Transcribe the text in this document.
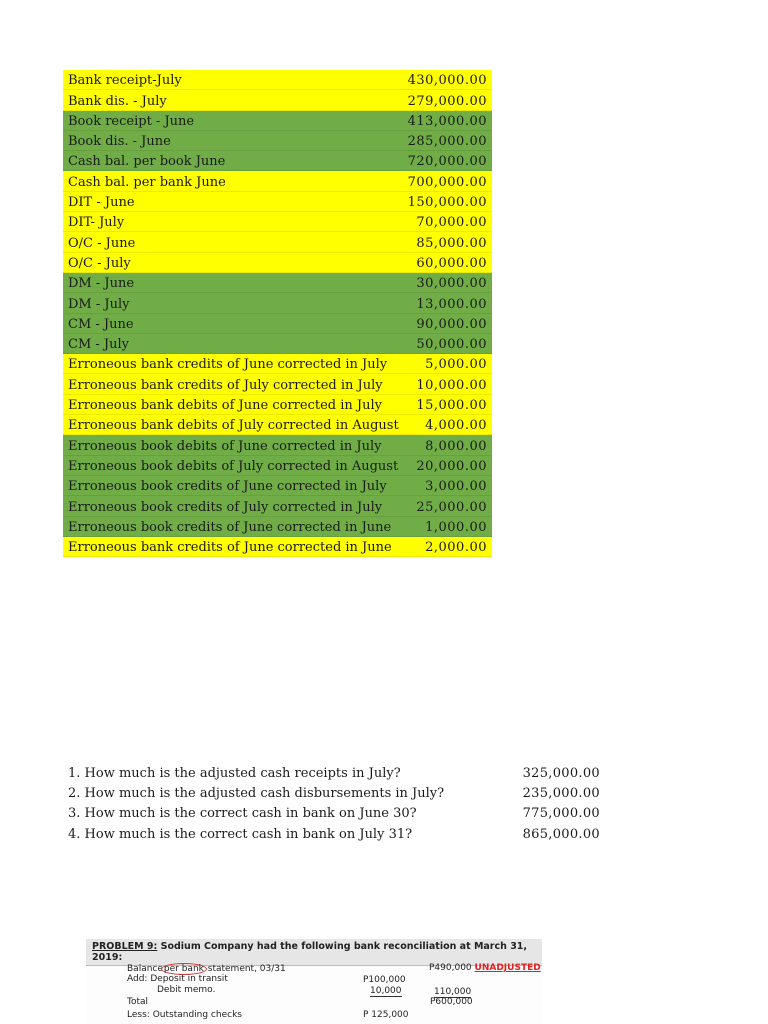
Bank receipt-July	430,000.00
Bank dis. - July	279,000.00
Book receipt - June	413,000.00
Book dis. - June	285,000.00
Cash bal. per book June	720,000.00
Cash bal. per bank June	700,000.00
DIT - June	150,000.00
DIT- July	70,000.00
O/C - June	85,000.00
O/C - July	60,000.00
DM - June	30,000.00
DM - July	13,000.00
CM - June	90,000.00
CM - July	50,000.00
Erroneous bank credits of June corrected in July	5,000.00
Erroneous bank credits of July corrected in July	10,000.00
Erroneous bank debits of June corrected in July	15,000.00
Erroneous bank debits of July corrected in August 4,000.00
Erroneous book debits of June corrected in July	8,000.00
Erroneous book debits of July corrected in August 20,000.00
Erroneous book credits of June corrected in July	3,000.00
Erroneous book credits of July corrected in July	25,000.00
Erroneous book credits of June corrected in June	1,000.00
Erroneous bank credits of June corrected in June	2,000.00
1. How much is the adjusted cash receipts in July?	325,000.00
2. How much is the adjusted cash disbursements in July?	235,000.00
3. How much is the correct cash in bank on June 30?	775,000.00
4. How much is the correct cash in bank on July 31?	865,000.00
PROBLEM 9: Sodium Company had the following bank reconciliation at March 31, 2019:
Balanceper bank statement, 03/31	P490,000 UNADJUSTED
Add: Deposit in transit	P100,000
Debit memo.	10,000	110,000
Total	P600,000
Less: Outstanding checks	P 125,000
